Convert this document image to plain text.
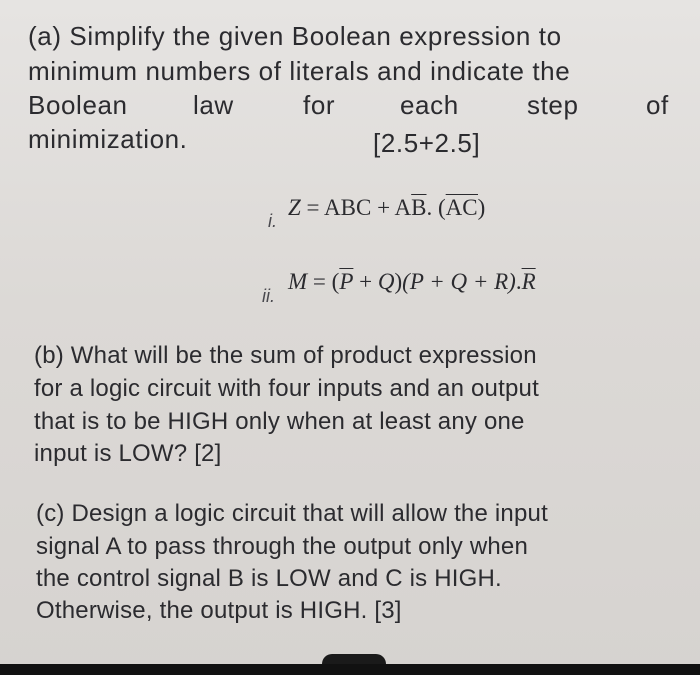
(a) Simplify the given Boolean expression to
minimum numbers of literals and indicate the
Boolean	law	for each	step	of
minimization.	[2.5+2.5]
i.
Z = ABC + $A\overline{B}$. $(\overline{A}\overline{C})$
ii.
$M = (\overline{P} + Q)(P + Q + R).\overline{R}$
(b) What will be the sum of product expression
for a logic circuit with four inputs and an output
that is to be HIGH only when at least any one
input is LOW? [2]
(c) Design a logic circuit that will allow the input
signal A to pass through the output only when
the control signal B is LOW and C is HIGH.
Otherwise, the output is HIGH. [3]
